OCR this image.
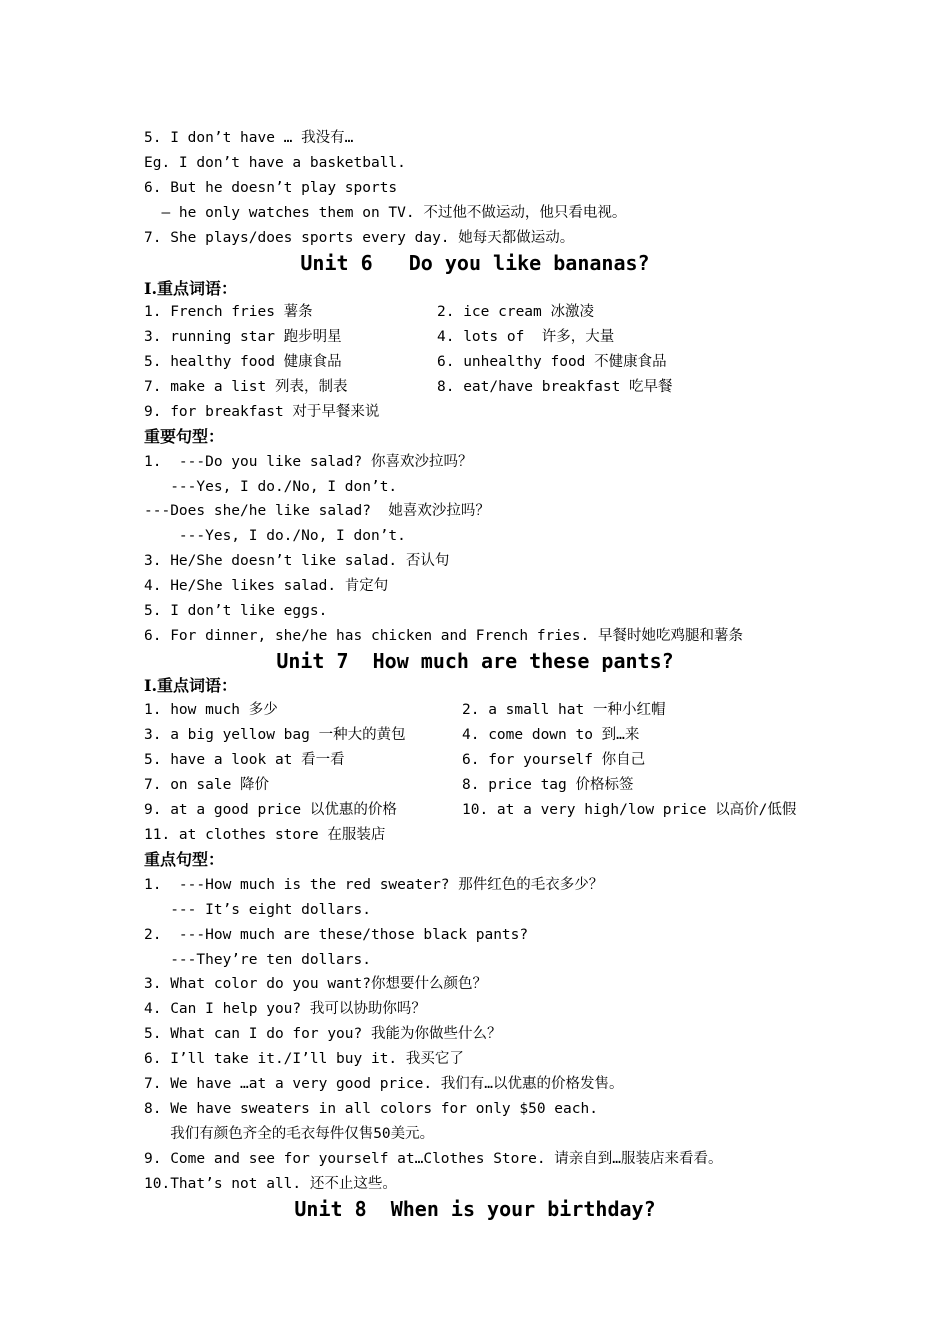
5. I don’t have … 我没有…
Eg. I don’t have a basketball.
6. But he doesn’t play sports
— he only watches them on TV. 不过他不做运动，他只看电视。
7. She plays/does sports every day. 她每天都做运动。
Unit 6   Do you like bananas?
Ⅰ.重点词语：
1. French fries 薯条	2. ice cream 冰激凌
3. running star 跑步明星	4. lots of  许多，大量
5. healthy food 健康食品	6. unhealthy food 不健康食品
7. make a list 列表，制表	8. eat/have breakfast 吃早餐
9. for breakfast 对于早餐来说
重要句型：
1.  ---Do you like salad? 你喜欢沙拉吗？
---Yes, I do./No, I don’t.
---Does she/he like salad?  她喜欢沙拉吗？
---Yes, I do./No, I don’t.
3. He/She doesn’t like salad. 否认句
4. He/She likes salad. 肯定句
5. I don’t like eggs.
6. For dinner, she/he has chicken and French fries. 早餐时她吃鸡腿和薯条
Unit 7  How much are these pants?
Ⅰ.重点词语：
1. how much 多少	2. a small hat 一种小红帽
3. a big yellow bag 一种大的黄包	4. come down to 到…来
5. have a look at 看一看	6. for yourself 你自己
7. on sale 降价	8. price tag 价格标签
9. at a good price 以优惠的价格	10. at a very high/low price 以高价/低假
11. at clothes store 在服装店
重点句型：
1.  ---How much is the red sweater? 那件红色的毛衣多少？
--- It’s eight dollars.
2.  ---How much are these/those black pants?
---They’re ten dollars.
3. What color do you want?你想要什么颜色？
4. Can I help you? 我可以协助你吗？
5. What can I do for you? 我能为你做些什么？
6. I’ll take it./I’ll buy it. 我买它了
7. We have …at a very good price. 我们有…以优惠的价格发售。
8. We have sweaters in all colors for only $50 each.
我们有颜色齐全的毛衣每件仅售50美元。
9. Come and see for yourself at…Clothes Store. 请亲自到…服装店来看看。
10.That’s not all. 还不止这些。
Unit 8  When is your birthday?
